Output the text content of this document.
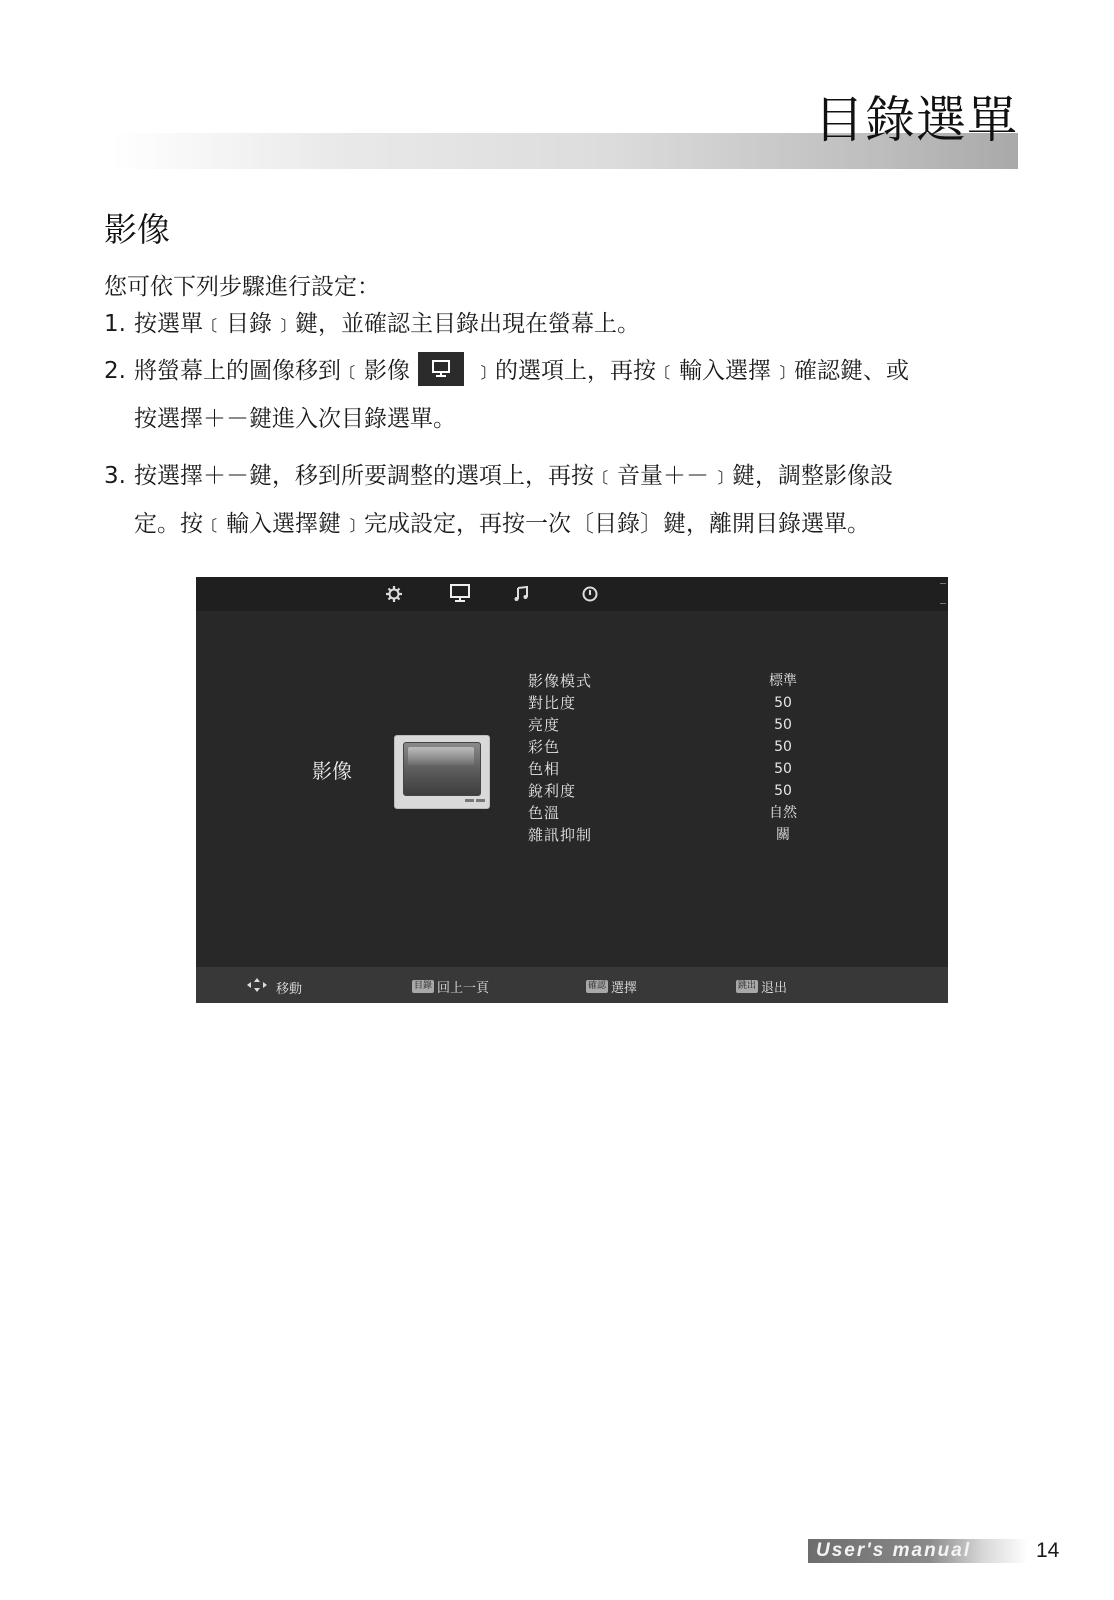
目錄選單
影像
您可依下列步驟進行設定：
1. 按選單﹝目錄﹞鍵，並確認主目錄出現在螢幕上。
2. 將螢幕上的圖像移到﹝影像	﹞的選項上，再按﹝輸入選擇﹞確認鍵、或
按選擇＋－鍵進入次目錄選單。
3. 按選擇＋－鍵，移到所要調整的選項上，再按﹝音量＋－﹞鍵，調整影像設
定。按﹝輸入選擇鍵﹞完成設定，再按一次〔目錄〕鍵，離開目錄選單。
影像
影像模式	標準
對比度	50
亮度	50
彩色	50
色相	50
銳利度	50
色溫	自然
雜訊抑制	關
移動	目錄 回上一頁	確認 選擇	跳出 退出
User's manual	14
